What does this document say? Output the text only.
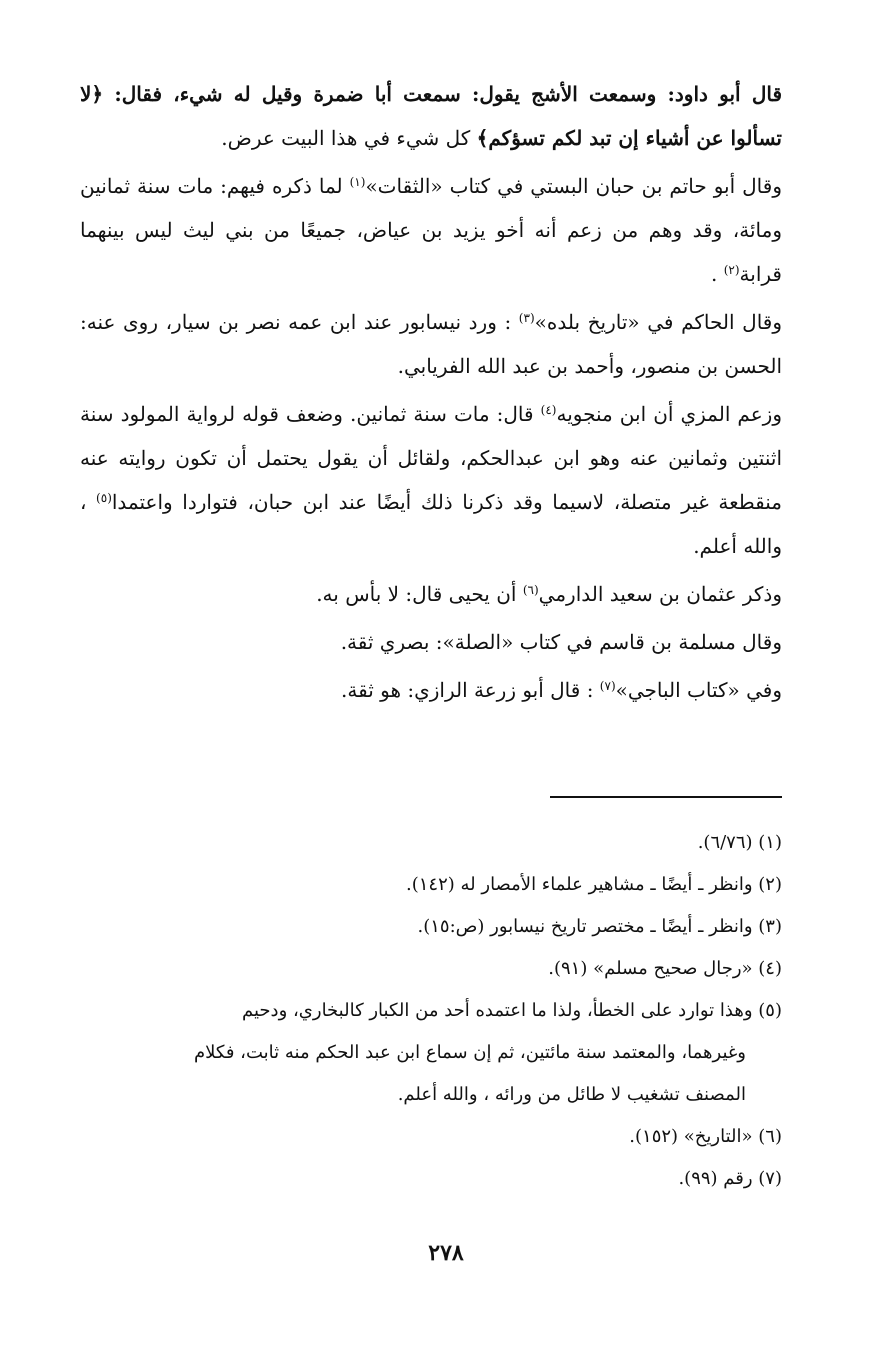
قال أبو داود: وسمعت الأشج يقول: سمعت أبا ضمرة وقيل له شيء، فقال: ﴿لا تسألوا عن أشياء إن تبد لكم تسؤكم﴾ كل شيء في هذا البيت عرض.

وقال أبو حاتم بن حبان البستي في كتاب «الثقات»$^{(١)}$ لما ذكره فيهم: مات سنة ثمانين ومائة، وقد وهم من زعم أنه أخو يزيد بن عياض، جميعًا من بني ليث ليس بينهما قرابة$^{(٢)}$ .

وقال الحاكم في «تاريخ بلده»$^{(٣)}$ : ورد نيسابور عند ابن عمه نصر بن سيار، روى عنه: الحسن بن منصور، وأحمد بن عبد الله الفريابي.

وزعم المزي أن ابن منجويه$^{(٤)}$ قال: مات سنة ثمانين. وضعف قوله لرواية المولود سنة اثنتين وثمانين عنه وهو ابن عبدالحكم، ولقائل أن يقول يحتمل أن تكون روايته عنه منقطعة غير متصلة، لاسيما وقد ذكرنا ذلك أيضًا عند ابن حبان، فتواردا واعتمدا$^{(٥)}$ ، والله أعلم.

وذكر عثمان بن سعيد الدارمي$^{(٦)}$ أن يحيى قال: لا بأس به.

وقال مسلمة بن قاسم في كتاب «الصلة»: بصري ثقة.

وفي «كتاب الباجي»$^{(٧)}$ : قال أبو زرعة الرازي: هو ثقة.

(١) (٦/٧٦).

(٢) وانظر ـ أيضًا ـ مشاهير علماء الأمصار له (١٤٢).

(٣) وانظر ـ أيضًا ـ مختصر تاريخ نيسابور (ص:١٥).

(٤) «رجال صحيح مسلم» (٩١).

(٥) وهذا توارد على الخطأ، ولذا ما اعتمده أحد من الكبار كالبخاري، ودحيم

وغيرهما، والمعتمد سنة مائتين، ثم إن سماع ابن عبد الحكم منه ثابت، فكلام

المصنف تشغيب لا طائل من ورائه ، والله أعلم.

(٦) «التاريخ» (١٥٢).

(٧) رقم (٩٩).

٢٧٨
